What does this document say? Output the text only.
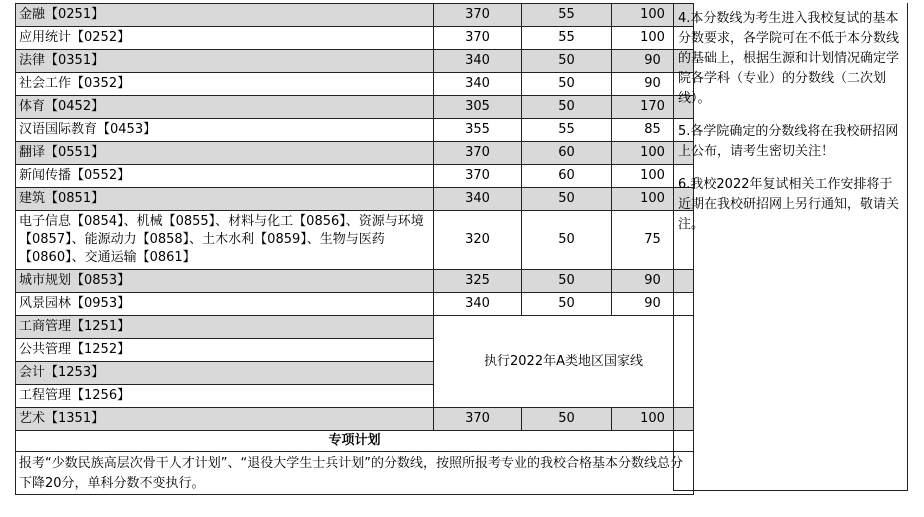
金融【0251】	370	55	100
应用统计【0252】	370	55	100
法律【0351】	340	50	90
社会工作【0352】	340	50	90
体育【0452】	305	50	170
汉语国际教育【0453】	355	55	85
翻译【0551】	370	60	100
新闻传播【0552】	370	60	100
建筑【0851】	340	50	100
电子信息【0854】、机械【0855】、材料与化工【0856】、资源与环境【0857】、能源动力【0858】、土木水利【0859】、生物与医药【0860】、交通运输【0861】	320	50	75
城市规划【0853】	325	50	90
风景园林【0953】	340	50	90
工商管理【1251】	执行2022年A类地区国家线		
公共管理【1252】			
会计【1253】			
工程管理【1256】			
艺术【1351】	370	50	100
专项计划			
报考“少数民族高层次骨干人才计划”、“退役大学生士兵计划”的分数线，按照所报考专业的我校合格基本分数线总分下降20分，单科分数不变执行。			

4.本分数线为考生进入我校复试的基本分数要求，各学院可在不低于本分数线的基础上，根据生源和计划情况确定学院各学科（专业）的分数线（二次划线）。

5.各学院确定的分数线将在我校研招网上公布，请考生密切关注！

6.我校2022年复试相关工作安排将于近期在我校研招网上另行通知，敬请关注。
